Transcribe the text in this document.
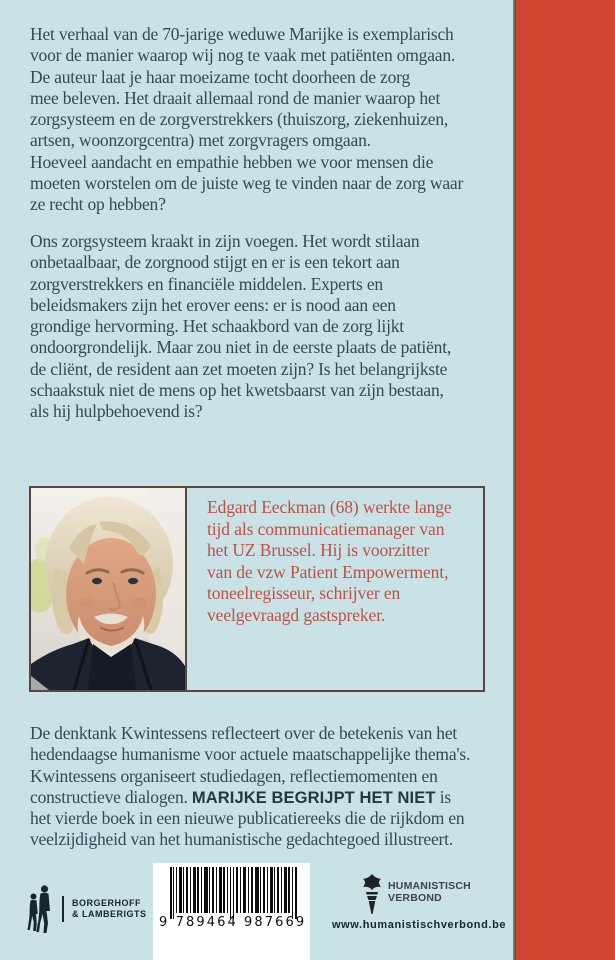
Het verhaal van de 70-jarige weduwe Marijke is exemplarisch
voor de manier waarop wij nog te vaak met patiënten omgaan.
De auteur laat je haar moeizame tocht doorheen de zorg
mee beleven. Het draait allemaal rond de manier waarop het
zorgsysteem en de zorgverstrekkers (thuiszorg, ziekenhuizen,
artsen, woonzorgcentra) met zorgvragers omgaan.
Hoeveel aandacht en empathie hebben we voor mensen die
moeten worstelen om de juiste weg te vinden naar de zorg waar
ze recht op hebben?
Ons zorgsysteem kraakt in zijn voegen. Het wordt stilaan
onbetaalbaar, de zorgnood stijgt en er is een tekort aan
zorgverstrekkers en financiële middelen. Experts en
beleidsmakers zijn het erover eens: er is nood aan een
grondige hervorming. Het schaakbord van de zorg lijkt
ondoorgrondelijk. Maar zou niet in de eerste plaats de patiënt,
de cliënt, de resident aan zet moeten zijn? Is het belangrijkste
schaakstuk niet de mens op het kwetsbaarst van zijn bestaan,
als hij hulpbehoevend is?
Edgard Eeckman (68) werkte lange
tijd als communicatiemanager van
het UZ Brussel. Hij is voorzitter
van de vzw Patient Empowerment,
toneelregisseur, schrijver en
veelgevraagd gastspreker.
De denktank Kwintessens reflecteert over de betekenis van het
hedendaagse humanisme voor actuele maatschappelijke thema's.
Kwintessens organiseert studiedagen, reflectiemomenten en
constructieve dialogen. MARIJKE BEGRIJPT HET NIET is
het vierde boek in een nieuwe publicatiereeks die de rijkdom en
veelzijdigheid van het humanistische gedachtegoed illustreert.
BORGERHOFF
& LAMBERIGTS
9 789464 987669
HUMANISTISCH
VERBOND
www.humanistischverbond.be
